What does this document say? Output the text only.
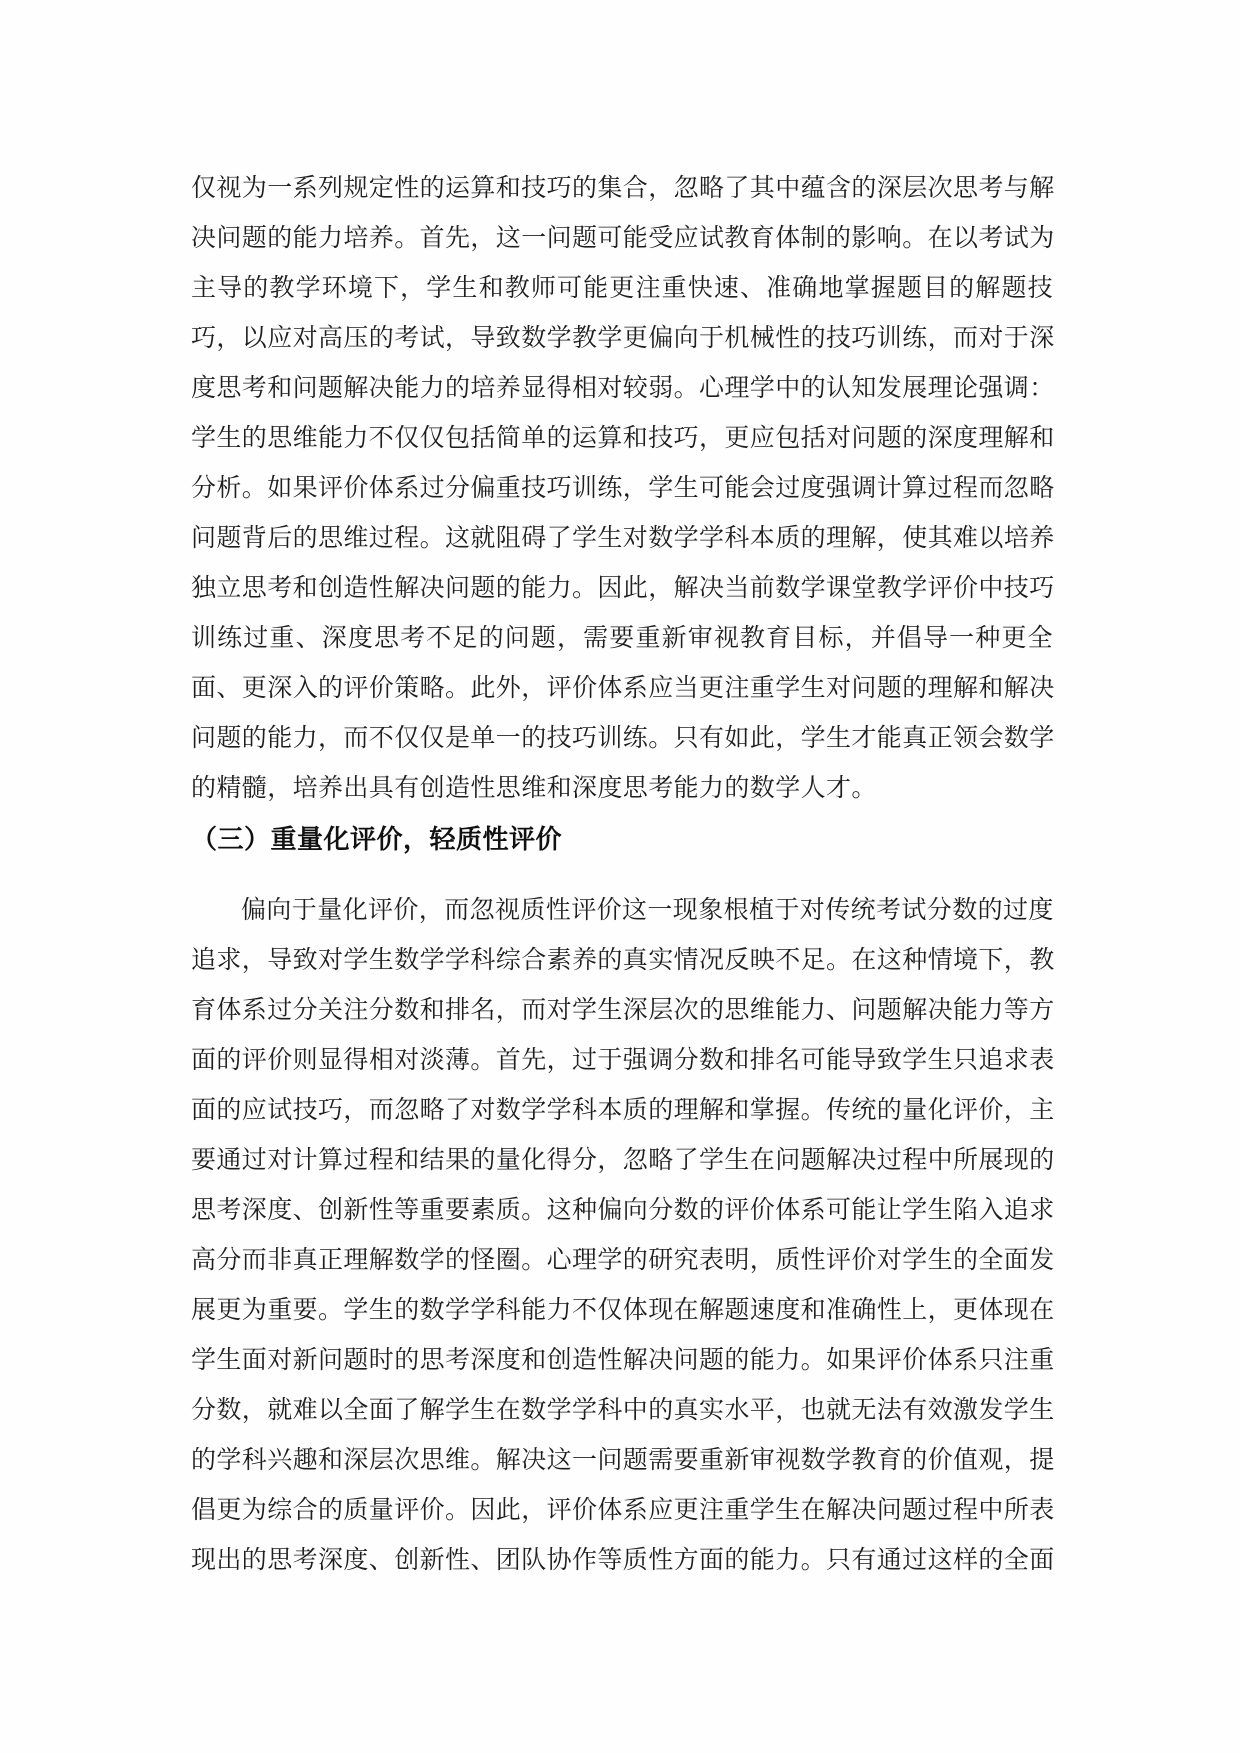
仅视为一系列规定性的运算和技巧的集合，忽略了其中蕴含的深层次思考与解
决问题的能力培养。首先，这一问题可能受应试教育体制的影响。在以考试为
主导的教学环境下，学生和教师可能更注重快速、准确地掌握题目的解题技
巧，以应对高压的考试，导致数学教学更偏向于机械性的技巧训练，而对于深
度思考和问题解决能力的培养显得相对较弱。心理学中的认知发展理论强调：
学生的思维能力不仅仅包括简单的运算和技巧，更应包括对问题的深度理解和
分析。如果评价体系过分偏重技巧训练，学生可能会过度强调计算过程而忽略
问题背后的思维过程。这就阻碍了学生对数学学科本质的理解，使其难以培养
独立思考和创造性解决问题的能力。因此，解决当前数学课堂教学评价中技巧
训练过重、深度思考不足的问题，需要重新审视教育目标，并倡导一种更全
面、更深入的评价策略。此外，评价体系应当更注重学生对问题的理解和解决
问题的能力，而不仅仅是单一的技巧训练。只有如此，学生才能真正领会数学
的精髓，培养出具有创造性思维和深度思考能力的数学人才。
（三）重量化评价，轻质性评价
偏向于量化评价，而忽视质性评价这一现象根植于对传统考试分数的过度
追求，导致对学生数学学科综合素养的真实情况反映不足。在这种情境下，教
育体系过分关注分数和排名，而对学生深层次的思维能力、问题解决能力等方
面的评价则显得相对淡薄。首先，过于强调分数和排名可能导致学生只追求表
面的应试技巧，而忽略了对数学学科本质的理解和掌握。传统的量化评价，主
要通过对计算过程和结果的量化得分，忽略了学生在问题解决过程中所展现的
思考深度、创新性等重要素质。这种偏向分数的评价体系可能让学生陷入追求
高分而非真正理解数学的怪圈。心理学的研究表明，质性评价对学生的全面发
展更为重要。学生的数学学科能力不仅体现在解题速度和准确性上，更体现在
学生面对新问题时的思考深度和创造性解决问题的能力。如果评价体系只注重
分数，就难以全面了解学生在数学学科中的真实水平，也就无法有效激发学生
的学科兴趣和深层次思维。解决这一问题需要重新审视数学教育的价值观，提
倡更为综合的质量评价。因此，评价体系应更注重学生在解决问题过程中所表
现出的思考深度、创新性、团队协作等质性方面的能力。只有通过这样的全面
